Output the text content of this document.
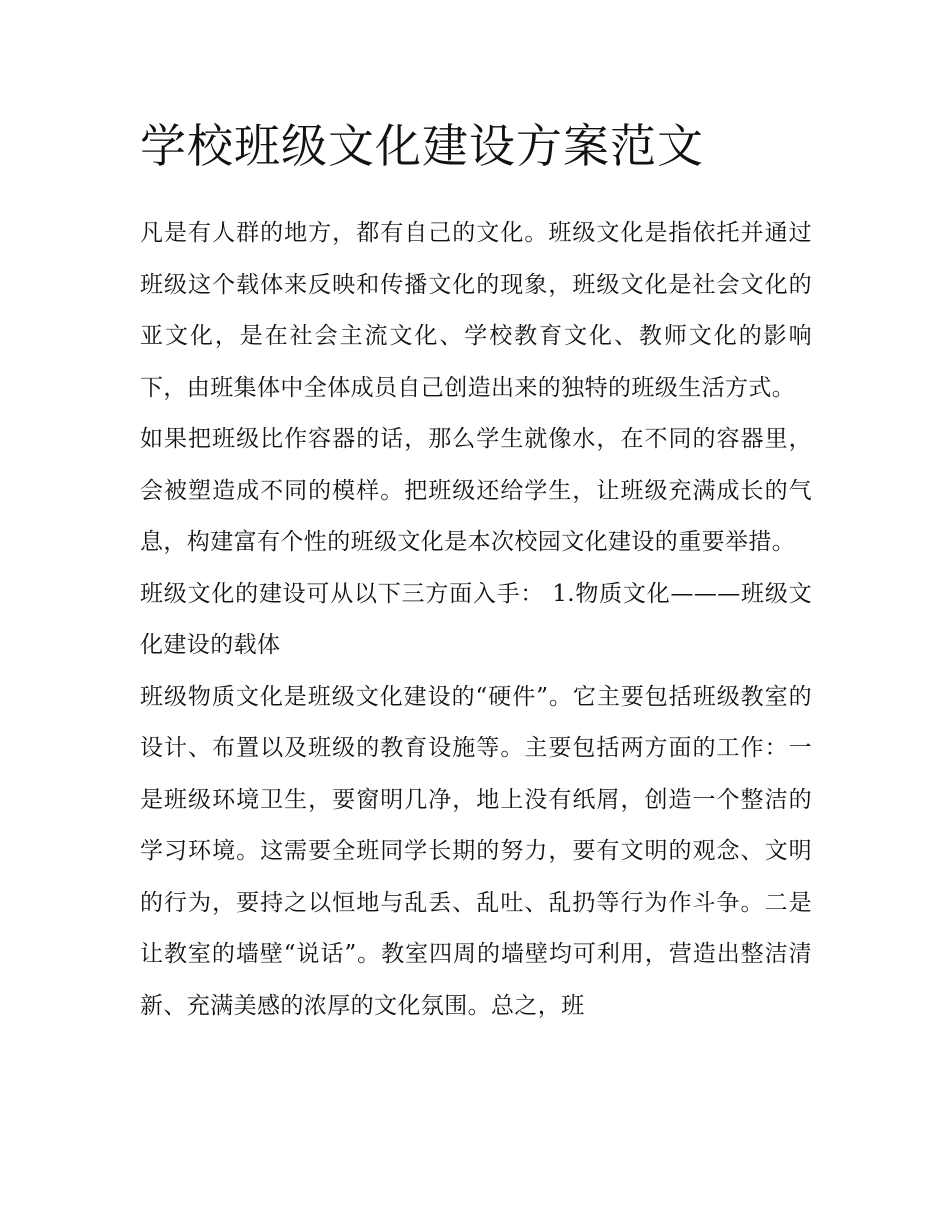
学校班级文化建设方案范文

凡是有人群的地方，都有自己的文化。班级文化是指依托并通过班级这个载体来反映和传播文化的现象，班级文化是社会文化的亚文化，是在社会主流文化、学校教育文化、教师文化的影响下，由班集体中全体成员自己创造出来的独特的班级生活方式。

如果把班级比作容器的话，那么学生就像水，在不同的容器里，会被塑造成不同的模样。把班级还给学生，让班级充满成长的气息，构建富有个性的班级文化是本次校园文化建设的重要举措。

班级文化的建设可从以下三方面入手： 1.物质文化———班级文化建设的载体

班级物质文化是班级文化建设的“硬件”。它主要包括班级教室的设计、布置以及班级的教育设施等。主要包括两方面的工作：一是班级环境卫生，要窗明几净，地上没有纸屑，创造一个整洁的学习环境。这需要全班同学长期的努力，要有文明的观念、文明的行为，要持之以恒地与乱丢、乱吐、乱扔等行为作斗争。二是让教室的墙壁“说话”。教室四周的墙壁均可利用，营造出整洁清新、充满美感的浓厚的文化氛围。总之，班
